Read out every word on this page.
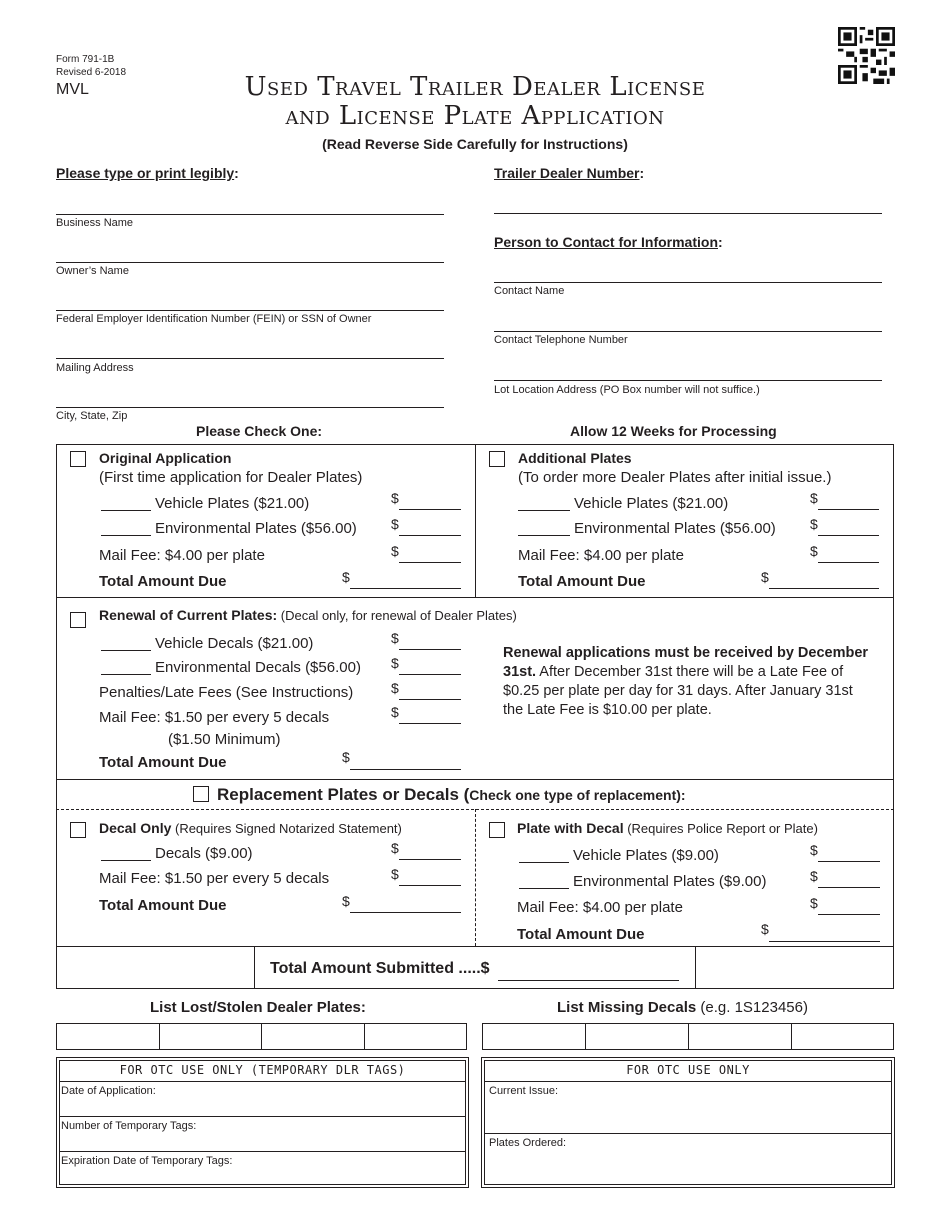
Form 791-1B
Revised 6-2018
MVL	Used Travel Trailer Dealer License
and License Plate Application
(Read Reverse Side Carefully for Instructions)
Please type or print legibly:
Business Name
Owner’s Name
Federal Employer Identification Number (FEIN) or SSN of Owner
Mailing Address
City, State, Zip
Trailer Dealer Number:
Person to Contact for Information:
Contact Name
Contact Telephone Number
Lot Location Address (PO Box number will not suffice.)
Please Check One:	Allow 12 Weeks for Processing
Original Application
(First time application for Dealer Plates)
Vehicle Plates ($21.00)	$
Environmental Plates ($56.00) $
Mail Fee: $4.00 per plate	$
Total Amount Due	$
Additional Plates
(To order more Dealer Plates after initial issue.)
Vehicle Plates ($21.00)	$
Environmental Plates ($56.00) $
Mail Fee: $4.00 per plate	$
Total Amount Due	$
Renewal of Current Plates: (Decal only, for renewal of Dealer Plates)
Vehicle Decals ($21.00)	$
Environmental Decals ($56.00) $
Penalties/Late Fees (See Instructions)	$
Mail Fee: $1.50 per every 5 decals	$
($1.50 Minimum)
Total Amount Due	$
Renewal applications must be received by December 31st. After December 31st there will be a Late Fee of $0.25 per plate per day for 31 days. After January 31st the Late Fee is $10.00 per plate.
Replacement Plates or Decals (Check one type of replacement):
Decal Only (Requires Signed Notarized Statement)
Decals ($9.00)	$
Mail Fee: $1.50 per every 5 decals	$
Total Amount Due	$
Plate with Decal (Requires Police Report or Plate)
Vehicle Plates ($9.00)	$
Environmental Plates ($9.00)	$
Mail Fee: $4.00 per plate	$
Total Amount Due	$
Total Amount Submitted .....$
List Lost/Stolen Dealer Plates:	List Missing Decals (e.g. 1S123456)
FOR OTC USE ONLY (TEMPORARY DLR TAGS)
Date of Application:
Number of Temporary Tags:
Expiration Date of Temporary Tags:
FOR OTC USE ONLY
Current Issue:
Plates Ordered:
